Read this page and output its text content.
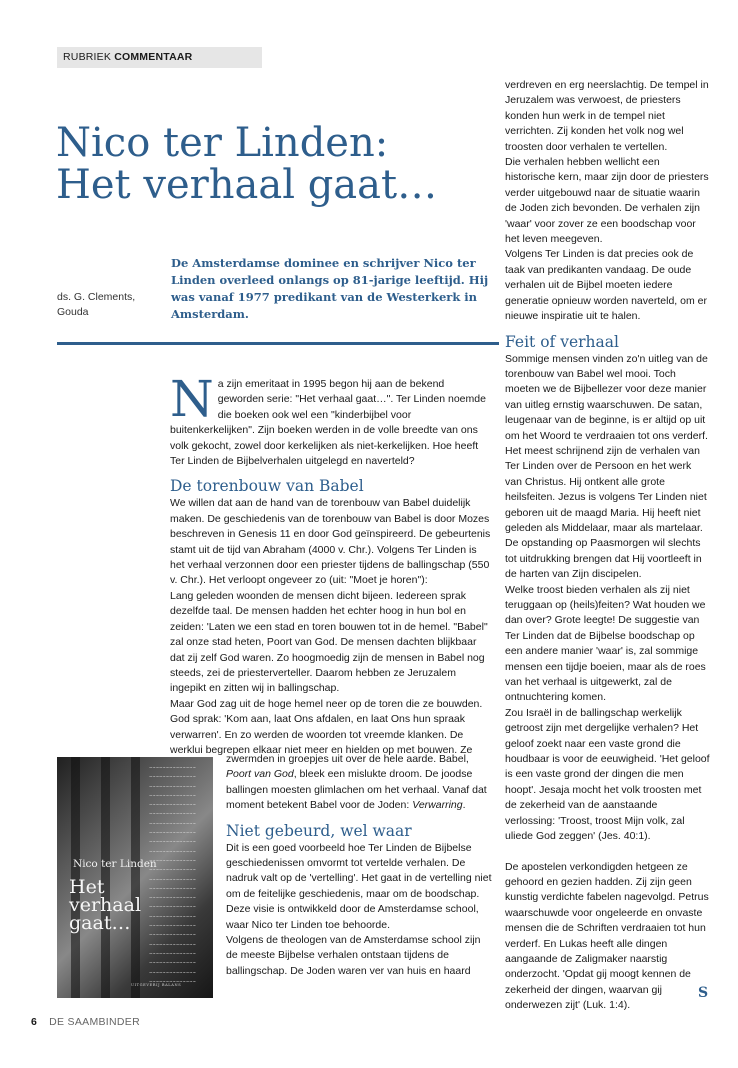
RUBRIEK COMMENTAAR
Nico ter Linden:
Het verhaal gaat…
ds. G. Clements,
Gouda

De Amsterdamse dominee en schrijver Nico ter Linden overleed onlangs op 81-jarige leeftijd. Hij was vanaf 1977 predikant van de Westerkerk in Amsterdam.

Na zijn emeritaat in 1995 begon hij aan de bekend geworden serie: "Het verhaal gaat…". Ter Linden noemde die boeken ook wel een "kinderbijbel voor buitenkerkelijken". Zijn boeken werden in de volle breedte van ons volk gekocht, zowel door kerkelijken als niet-kerkelijken. Hoe heeft Ter Linden de Bijbelverhalen uitgelegd en naverteld?

De torenbouw van Babel

We willen dat aan de hand van de torenbouw van Babel duidelijk maken. De geschiedenis van de torenbouw van Babel is door Mozes beschreven in Genesis 11 en door God geïnspireerd. De gebeurtenis stamt uit de tijd van Abraham (4000 v. Chr.). Volgens Ter Linden is het verhaal verzonnen door een priester tijdens de ballingschap (550 v. Chr.). Het verloopt ongeveer zo (uit: "Moet je horen"):

Lang geleden woonden de mensen dicht bijeen. Iedereen sprak dezelfde taal. De mensen hadden het echter hoog in hun bol en zeiden: 'Laten we een stad en toren bouwen tot in de hemel. "Babel" zal onze stad heten, Poort van God. De mensen dachten blijkbaar dat zij zelf God waren. Zo hoogmoedig zijn de mensen in Babel nog steeds, zei de priesterverteller. Daarom hebben ze Jeruzalem ingepikt en zitten wij in ballingschap.

Maar God zag uit de hoge hemel neer op de toren die ze bouwden. God sprak: 'Kom aan, laat Ons afdalen, en laat Ons hun spraak verwarren'. En zo werden de woorden tot vreemde klanken. De werklui begrepen elkaar niet meer en hielden op met bouwen. Ze

~~~~~~~~~~~~~~
~~~~~~~~~~~~~~
~~~~~~~~~~~~~~
~~~~~~~~~~~~~~
~~~~~~~~~~~~~~
~~~~~~~~~~~~~~
~~~~~~~~~~~~~~
~~~~~~~~~~~~~~
~~~~~~~~~~~~~~
~~~~~~~~~~~~~~
~~~~~~~~~~~~~~
~~~~~~~~~~~~~~
~~~~~~~~~~~~~~
~~~~~~~~~~~~~~
~~~~~~~~~~~~~~
~~~~~~~~~~~~~~
~~~~~~~~~~~~~~
~~~~~~~~~~~~~~
~~~~~~~~~~~~~~
~~~~~~~~~~~~~~
~~~~~~~~~~~~~~
~~~~~~~~~~~~~~
~~~~~~~~~~~~~~
~~~~~~~~~~~~~~
Nico ter Linden
Het
verhaal
gaat…
UITGEVERIJ BALANS

zwermden in groepjes uit over de hele aarde. Babel, Poort van God, bleek een mislukte droom. De joodse ballingen moesten glimlachen om het verhaal. Vanaf dat moment betekent Babel voor de Joden: Verwarring.

Niet gebeurd, wel waar

Dit is een goed voorbeeld hoe Ter Linden de Bijbelse geschiedenissen omvormt tot vertelde verhalen. De nadruk valt op de 'vertelling'. Het gaat in de vertelling niet om de feitelijke geschiedenis, maar om de boodschap. Deze visie is ontwikkeld door de Amsterdamse school, waar Nico ter Linden toe behoorde.

Volgens de theologen van de Amsterdamse school zijn de meeste Bijbelse verhalen ontstaan tijdens de ballingschap. De Joden waren ver van huis en haard

verdreven en erg neerslachtig. De tempel in Jeruzalem was verwoest, de priesters konden hun werk in de tempel niet verrichten. Zij konden het volk nog wel troosten door verhalen te vertellen.

Die verhalen hebben wellicht een historische kern, maar zijn door de priesters verder uitgebouwd naar de situatie waarin de Joden zich bevonden. De verhalen zijn 'waar' voor zover ze een boodschap voor het leven meegeven.

Volgens Ter Linden is dat precies ook de taak van predikanten vandaag. De oude verhalen uit de Bijbel moeten iedere generatie opnieuw worden naverteld, om er nieuwe inspiratie uit te halen.

Feit of verhaal

Sommige mensen vinden zo'n uitleg van de torenbouw van Babel wel mooi. Toch moeten we de Bijbellezer voor deze manier van uitleg ernstig waarschuwen. De satan, leugenaar van de beginne, is er altijd op uit om het Woord te verdraaien tot ons verderf.

Het meest schrijnend zijn de verhalen van Ter Linden over de Persoon en het werk van Christus. Hij ontkent alle grote heilsfeiten. Jezus is volgens Ter Linden niet geboren uit de maagd Maria. Hij heeft niet geleden als Middelaar, maar als martelaar. De opstanding op Paasmorgen wil slechts tot uitdrukking brengen dat Hij voortleeft in de harten van Zijn discipelen.

Welke troost bieden verhalen als zij niet teruggaan op (heils)feiten? Wat houden we dan over? Grote leegte! De suggestie van Ter Linden dat de Bijbelse boodschap op een andere manier 'waar' is, zal sommige mensen een tijdje boeien, maar als de roes van het verhaal is uitgewerkt, zal de ontnuchtering komen.

Zou Israël in de ballingschap werkelijk getroost zijn met dergelijke verhalen? Het geloof zoekt naar een vaste grond die houdbaar is voor de eeuwigheid. 'Het geloof is een vaste grond der dingen die men hoopt'. Jesaja mocht het volk troosten met de zekerheid van de aanstaande verlossing: 'Troost, troost Mijn volk, zal uliede God zeggen' (Jes. 40:1).

De apostelen verkondigden hetgeen ze gehoord en gezien hadden. Zij zijn geen kunstig verdichte fabelen nagevolgd. Petrus waarschuwde voor ongeleerde en onvaste mensen die de Schriften verdraaien tot hun verderf. En Lukas heeft alle dingen aangaande de Zaligmaker naarstig onderzocht. 'Opdat gij moogt kennen de zekerheid der dingen, waarvan gij onderwezen zijt' (Luk. 1:4).

S
6 DE SAAMBINDER
